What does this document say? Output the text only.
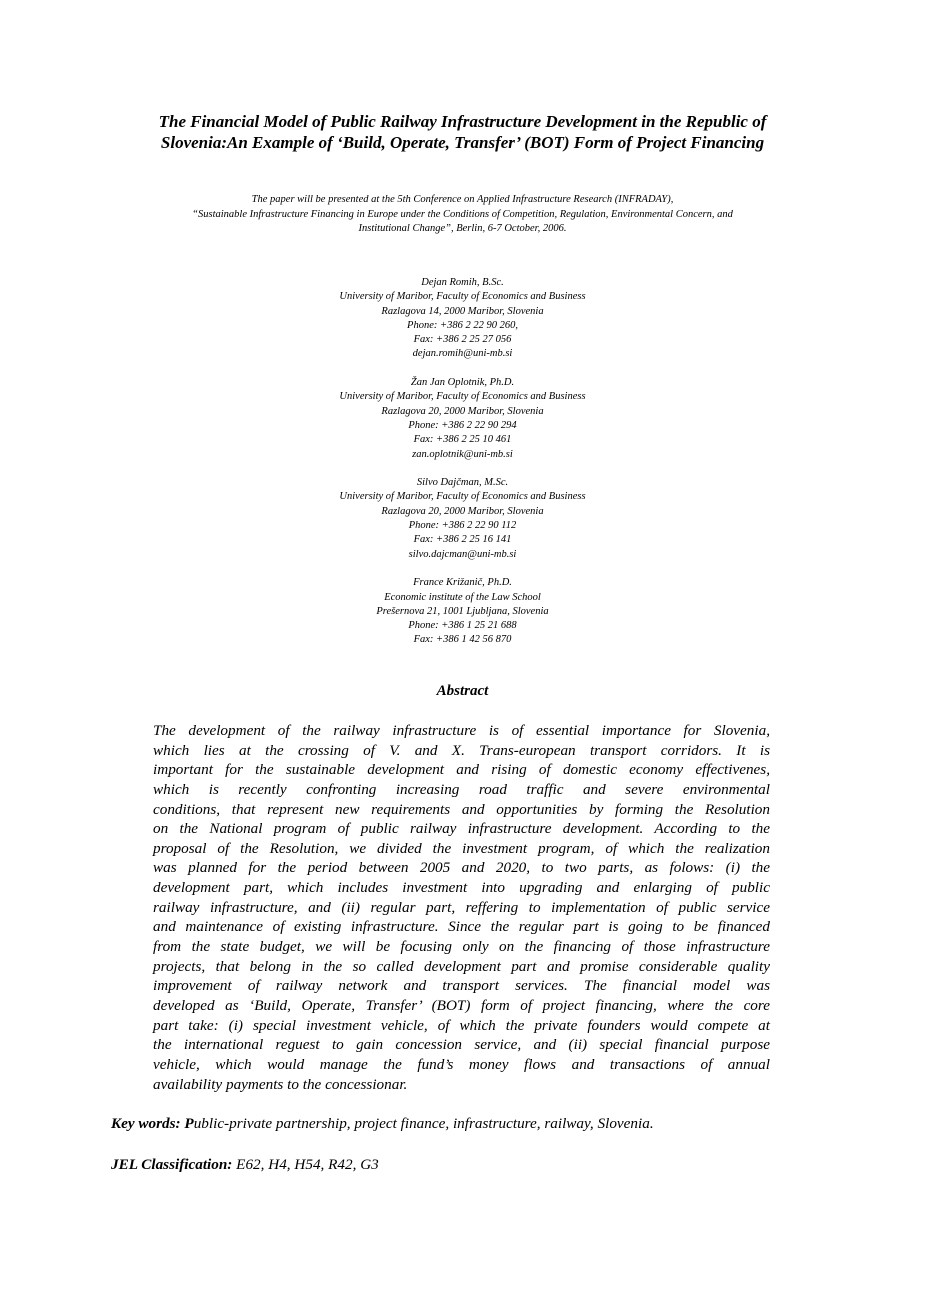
The Financial Model of Public Railway Infrastructure Development in the Republic of
Slovenia:An Example of ‘Build, Operate, Transfer’ (BOT) Form of Project Financing
The paper will be presented at the 5th Conference on Applied Infrastructure Research (INFRADAY),
“Sustainable Infrastructure Financing in Europe under the Conditions of Competition, Regulation, Environmental Concern, and
Institutional Change”, Berlin, 6-7 October, 2006.
Dejan Romih, B.Sc.
University of Maribor, Faculty of Economics and Business
Razlagova 14, 2000 Maribor, Slovenia
Phone: +386 2 22 90 260,
Fax: +386 2 25 27 056
dejan.romih@uni-mb.si
Žan Jan Oplotnik, Ph.D.
University of Maribor, Faculty of Economics and Business
Razlagova 20, 2000 Maribor, Slovenia
Phone: +386 2 22 90 294
Fax: +386 2 25 10 461
zan.oplotnik@uni-mb.si
Silvo Dajčman, M.Sc.
University of Maribor, Faculty of Economics and Business
Razlagova 20, 2000 Maribor, Slovenia
Phone: +386 2 22 90 112
Fax: +386 2 25 16 141
silvo.dajcman@uni-mb.si
France Križanič, Ph.D.
Economic institute of the Law School
Prešernova 21, 1001 Ljubljana, Slovenia
Phone: +386 1 25 21 688
Fax: +386 1 42 56 870
Abstract
The development of the railway infrastructure is of essential importance for Slovenia,
which lies at the crossing of V. and X. Trans-european transport corridors. It is
important for the sustainable development and rising of domestic economy effectivenes,
which is recently confronting increasing road traffic and severe environmental
conditions, that represent new requirements and opportunities by forming the Resolution
on the National program of public railway infrastructure development. According to the
proposal of the Resolution, we divided the investment program, of which the realization
was planned for the period between 2005 and 2020, to two parts, as folows: (i) the
development part, which includes investment into upgrading and enlarging of public
railway infrastructure, and (ii) regular part, reffering to implementation of public service
and maintenance of existing infrastructure. Since the regular part is going to be financed
from the state budget, we will be focusing only on the financing of those infrastructure
projects, that belong in the so called development part and promise considerable quality
improvement of railway network and transport services. The financial model was
developed as ‘Build, Operate, Transfer’ (BOT) form of project financing, where the core
part take: (i) special investment vehicle, of which the private founders would compete at
the international reguest to gain concession service, and (ii) special financial purpose
vehicle, which would manage the fund’s money flows and transactions of annual
availability payments to the concessionar.
Key words: Public-private partnership, project finance, infrastructure, railway, Slovenia.
JEL Classification: E62, H4, H54, R42, G3
